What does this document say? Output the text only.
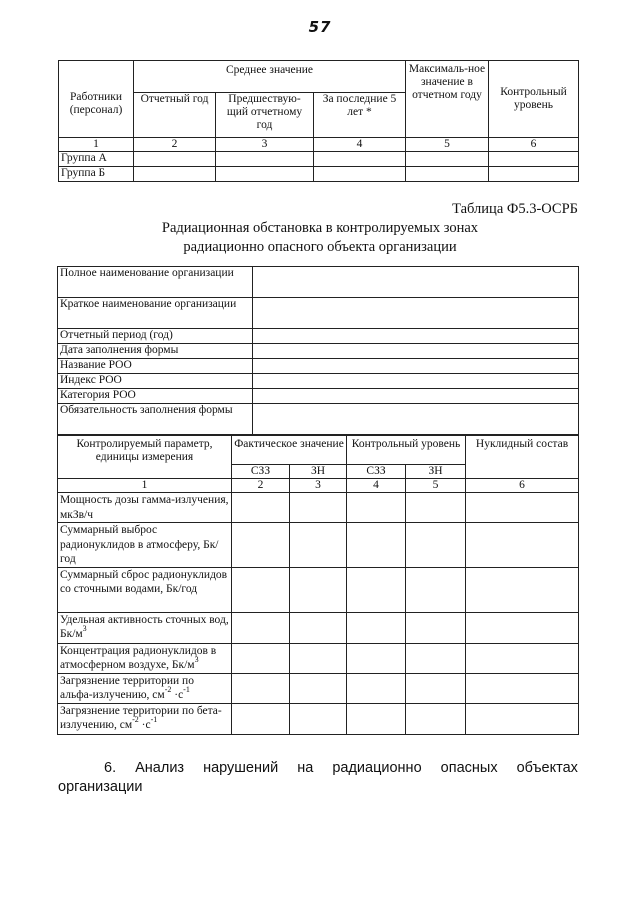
57
Работники (персонал)	Среднее значение			Максималь-ное значение в отчетном году	Контрольный уровень
	Отчетный год	Предшествую-щий отчетному год	За последние 5 лет *		
1	2	3	4	5	6
Группа А					
Группа Б					
Таблица Ф5.3-ОСРБ
Радиационная обстановка в контролируемых зонах
радиационно опасного объекта организации
Полное наименование организации	
Краткое наименование организации	
Отчетный период (год)	
Дата заполнения формы	
Название РОО	
Индекс РОО	
Категория РОО	
Обязательность заполнения формы	
Контролируемый параметр, единицы измерения	Фактическое значение		Контрольный уровень		Нуклидный состав
	СЗЗ	ЗН	СЗЗ	ЗН	
1	2	3	4	5	6
Мощность дозы гамма-излучения, мкЗв/ч					
Суммарный выброс радионуклидов в атмосферу, Бк/год					
Суммарный сброс радионуклидов со сточными водами, Бк/год					
Удельная активность сточных вод, $Бк/м^3$					
Концентрация радионуклидов в атмосферном воздухе, $Бк/м^3$					
Загрязнение территории по альфа-излучению, $см^{-2} \cdot с^{-1}$					
Загрязнение территории по бета-излучению, $см^{-2} \cdot с^{-1}$					
6. Анализ нарушений на радиационно опасных объектах
организации
